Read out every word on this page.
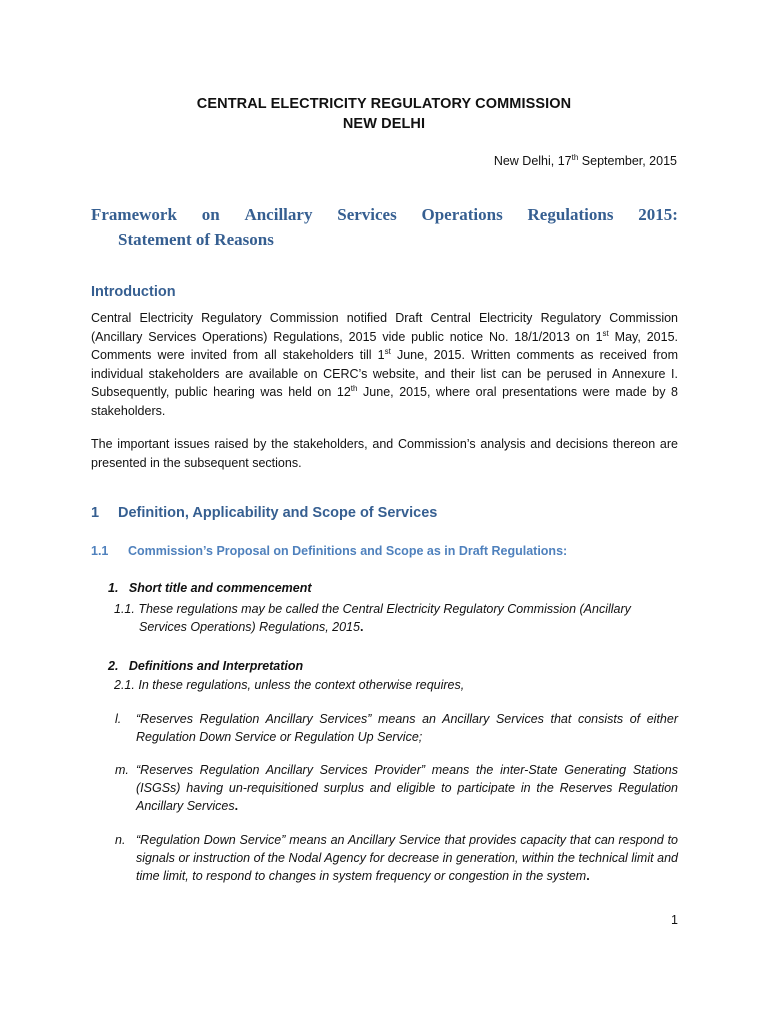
CENTRAL ELECTRICITY REGULATORY COMMISSION
NEW DELHI
New Delhi, 17th September, 2015
Framework on Ancillary Services Operations Regulations 2015:
Statement of Reasons
Introduction
Central Electricity Regulatory Commission notified Draft Central Electricity Regulatory Commission (Ancillary Services Operations) Regulations, 2015 vide public notice No. 18/1/2013 on 1st May, 2015. Comments were invited from all stakeholders till 1st June, 2015. Written comments as received from individual stakeholders are available on CERC’s website, and their list can be perused in Annexure I. Subsequently, public hearing was held on 12th June, 2015, where oral presentations were made by 8 stakeholders.
The important issues raised by the stakeholders, and Commission’s analysis and decisions thereon are presented in the subsequent sections.
1 Definition, Applicability and Scope of Services
1.1 Commission’s Proposal on Definitions and Scope as in Draft Regulations:
1. Short title and commencement
1.1. These regulations may be called the Central Electricity Regulatory Commission (Ancillary
Services Operations) Regulations, 2015.
2. Definitions and Interpretation
2.1. In these regulations, unless the context otherwise requires,
l. “Reserves Regulation Ancillary Services” means an Ancillary Services that consists of either Regulation Down Service or Regulation Up Service;
m. “Reserves Regulation Ancillary Services Provider” means the inter-State Generating Stations (ISGSs) having un-requisitioned surplus and eligible to participate in the Reserves Regulation Ancillary Services.
n. “Regulation Down Service” means an Ancillary Service that provides capacity that can respond to signals or instruction of the Nodal Agency for decrease in generation, within the technical limit and time limit, to respond to changes in system frequency or congestion in the system.
1
